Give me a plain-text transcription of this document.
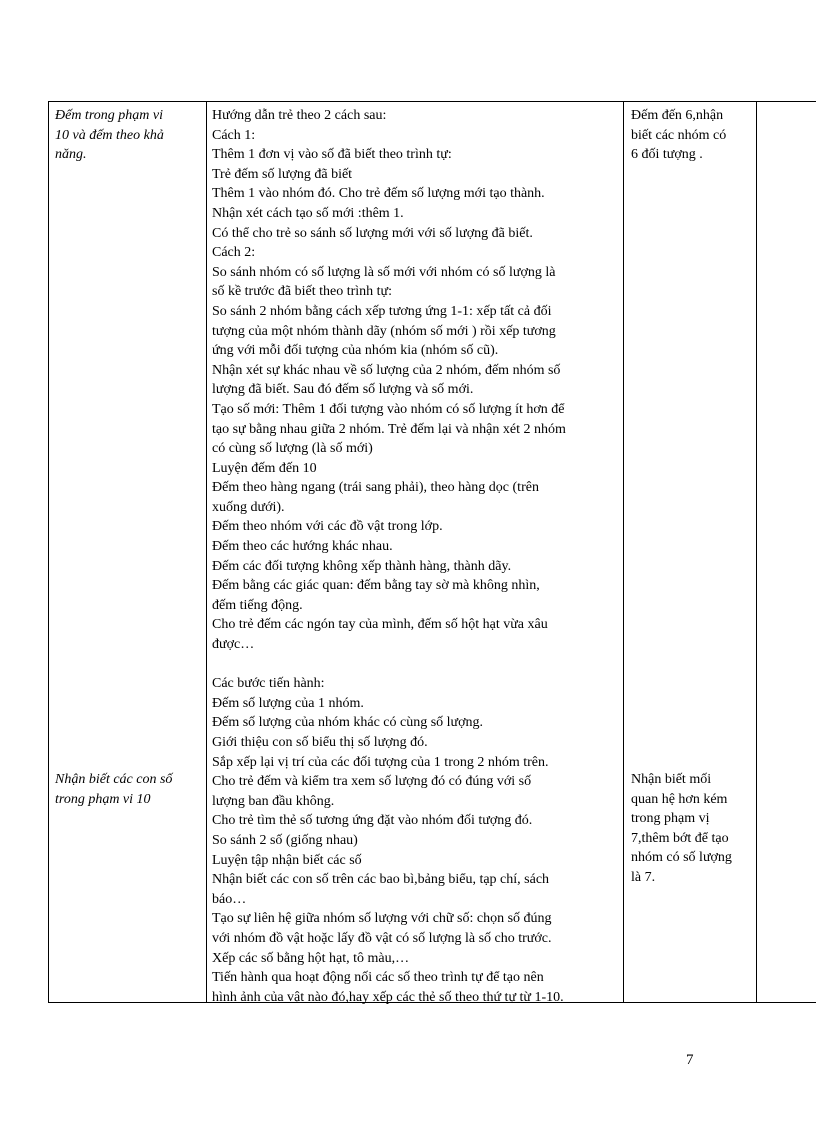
Đếm trong phạm vi
10 và đếm theo khả
năng.
Nhận biết các con số
trong phạm vi 10
Hướng dẫn trẻ theo 2 cách sau:
Cách 1:
Thêm 1 đơn vị vào số đã biết theo trình tự:
Trẻ đếm số lượng đã biết
Thêm 1 vào nhóm đó. Cho trẻ đếm số lượng mới tạo thành.
Nhận xét cách tạo số mới :thêm 1.
Có thể cho trẻ so sánh số lượng mới với số lượng đã biết.
Cách 2:
So sánh nhóm có số lượng là số mới với nhóm có số lượng là
số kề trước đã biết theo trình tự:
So sánh 2 nhóm bằng cách xếp tương ứng 1-1: xếp tất cả đối
tượng của một nhóm thành dãy (nhóm số mới ) rồi xếp tương
ứng với mỗi đối tượng của nhóm kia (nhóm số cũ).
Nhận xét sự khác nhau về số lượng của 2 nhóm, đếm nhóm số
lượng đã biết. Sau đó đếm số lượng và số mới.
Tạo số mới: Thêm 1 đối tượng vào nhóm có số lượng ít hơn để
tạo sự bằng nhau giữa 2 nhóm. Trẻ đếm lại và nhận xét 2 nhóm
có cùng số lượng (là số mới)
Luyện đếm đến 10
Đếm theo hàng ngang (trái sang phải), theo hàng dọc (trên
xuống dưới).
Đếm theo nhóm với các đồ vật trong lớp.
Đếm theo các hướng khác nhau.
Đếm các đối tượng không xếp thành hàng, thành dãy.
Đếm bằng các giác quan: đếm bằng tay sờ mà không nhìn,
đếm tiếng động.
Cho trẻ đếm các ngón tay của mình, đếm số hột hạt vừa xâu
được…
Các bước tiến hành:
Đếm số lượng của 1 nhóm.
Đếm số lượng của nhóm khác có cùng số lượng.
Giới thiệu con số biểu thị số lượng đó.
Sắp xếp lại vị trí của các đối tượng của 1 trong 2 nhóm trên.
Cho trẻ đếm và kiểm tra xem số lượng đó có đúng với số
lượng ban đầu không.
Cho trẻ tìm thẻ số tương ứng đặt vào nhóm đối tượng đó.
So sánh 2 số (giống nhau)
Luyện tập nhận biết các số
Nhận biết các con số trên các bao bì,bảng biểu, tạp chí, sách
báo…
Tạo sự liên hệ giữa nhóm số lượng với chữ số: chọn số đúng
với nhóm đồ vật hoặc lấy đồ vật có số lượng là số cho trước.
Xếp các số bằng hột hạt, tô màu,…
Tiến hành qua hoạt động nối các số theo trình tự để tạo nên
hình ảnh của vật nào đó,hay xếp các thẻ số theo thứ tự từ 1-10.
Đếm đến 6,nhận
biết các nhóm có
6 đối tượng .
Nhận biết mối
quan hệ hơn kém
trong phạm vị
7,thêm bớt để tạo
nhóm có số lượng
là 7.
7
